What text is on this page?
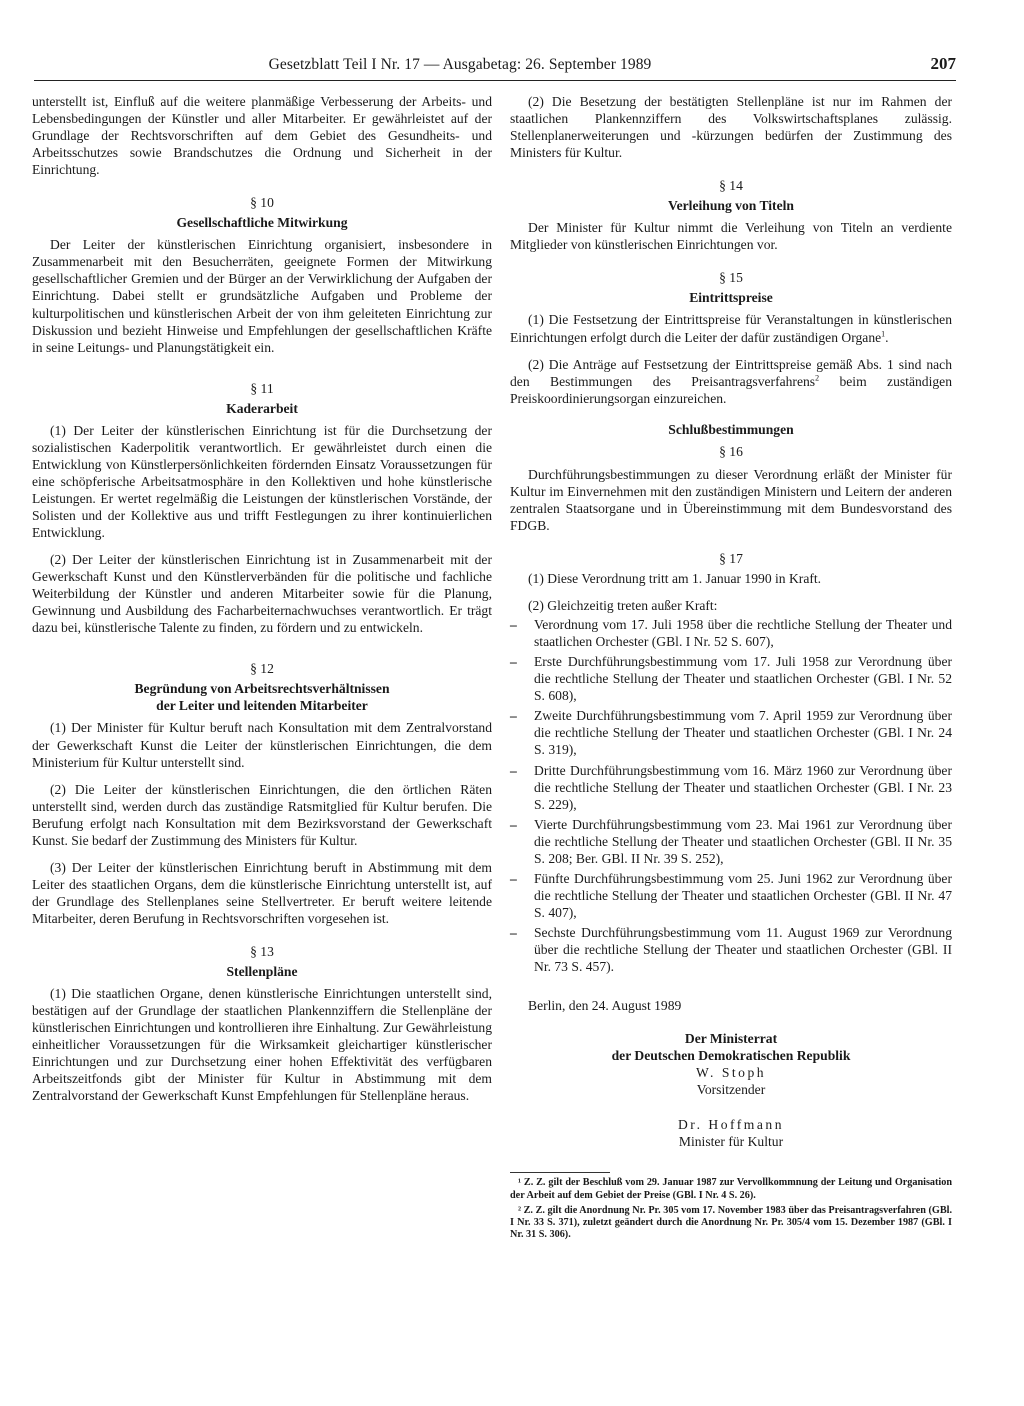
Gesetzblatt Teil I Nr. 17 — Ausgabetag: 26. September 1989	207

unterstellt ist, Einfluß auf die weitere planmäßige Verbesserung der Arbeits- und Lebensbedingungen der Künstler und aller Mitarbeiter. Er gewährleistet auf der Grundlage der Rechtsvorschriften auf dem Gebiet des Gesundheits- und Arbeitsschutzes sowie Brandschutzes die Ordnung und Sicherheit in der Einrichtung.

§ 10
Gesellschaftliche Mitwirkung

Der Leiter der künstlerischen Einrichtung organisiert, insbesondere in Zusammenarbeit mit den Besucherräten, geeignete Formen der Mitwirkung gesellschaftlicher Gremien und der Bürger an der Verwirklichung der Aufgaben der Einrichtung. Dabei stellt er grundsätzliche Aufgaben und Probleme der kulturpolitischen und künstlerischen Arbeit der von ihm geleiteten Einrichtung zur Diskussion und bezieht Hinweise und Empfehlungen der gesellschaftlichen Kräfte in seine Leitungs- und Planungstätigkeit ein.

§ 11
Kaderarbeit

(1) Der Leiter der künstlerischen Einrichtung ist für die Durchsetzung der sozialistischen Kaderpolitik verantwortlich. Er gewährleistet durch einen die Entwicklung von Künstlerpersönlichkeiten fördernden Einsatz Voraussetzungen für eine schöpferische Arbeitsatmosphäre in den Kollektiven und hohe künstlerische Leistungen. Er wertet regelmäßig die Leistungen der künstlerischen Vorstände, der Solisten und der Kollektive aus und trifft Festlegungen zu ihrer kontinuierlichen Entwicklung.

(2) Der Leiter der künstlerischen Einrichtung ist in Zusammenarbeit mit der Gewerkschaft Kunst und den Künstlerverbänden für die politische und fachliche Weiterbildung der Künstler und anderen Mitarbeiter sowie für die Planung, Gewinnung und Ausbildung des Facharbeiternachwuchses verantwortlich. Er trägt dazu bei, künstlerische Talente zu finden, zu fördern und zu entwickeln.

§ 12
Begründung von Arbeitsrechtsverhältnissen
der Leiter und leitenden Mitarbeiter

(1) Der Minister für Kultur beruft nach Konsultation mit dem Zentralvorstand der Gewerkschaft Kunst die Leiter der künstlerischen Einrichtungen, die dem Ministerium für Kultur unterstellt sind.

(2) Die Leiter der künstlerischen Einrichtungen, die den örtlichen Räten unterstellt sind, werden durch das zuständige Ratsmitglied für Kultur berufen. Die Berufung erfolgt nach Konsultation mit dem Bezirksvorstand der Gewerkschaft Kunst. Sie bedarf der Zustimmung des Ministers für Kultur.

(3) Der Leiter der künstlerischen Einrichtung beruft in Abstimmung mit dem Leiter des staatlichen Organs, dem die künstlerische Einrichtung unterstellt ist, auf der Grundlage des Stellenplanes seine Stellvertreter. Er beruft weitere leitende Mitarbeiter, deren Berufung in Rechtsvorschriften vorgesehen ist.

§ 13
Stellenpläne

(1) Die staatlichen Organe, denen künstlerische Einrichtungen unterstellt sind, bestätigen auf der Grundlage der staatlichen Plankennziffern die Stellenpläne der künstlerischen Einrichtungen und kontrollieren ihre Einhaltung. Zur Gewährleistung einheitlicher Voraussetzungen für die Wirksamkeit gleichartiger künstlerischer Einrichtungen und zur Durchsetzung einer hohen Effektivität des verfügbaren Arbeitszeitfonds gibt der Minister für Kultur in Abstimmung mit dem Zentralvorstand der Gewerkschaft Kunst Empfehlungen für Stellenpläne heraus.

(2) Die Besetzung der bestätigten Stellenpläne ist nur im Rahmen der staatlichen Plankennziffern des Volkswirtschaftsplanes zulässig. Stellenplanerweiterungen und -kürzungen bedürfen der Zustimmung des Ministers für Kultur.

§ 14
Verleihung von Titeln

Der Minister für Kultur nimmt die Verleihung von Titeln an verdiente Mitglieder von künstlerischen Einrichtungen vor.

§ 15
Eintrittspreise

(1) Die Festsetzung der Eintrittspreise für Veranstaltungen in künstlerischen Einrichtungen erfolgt durch die Leiter der dafür zuständigen Organe$^1$.

(2) Die Anträge auf Festsetzung der Eintrittspreise gemäß Abs. 1 sind nach den Bestimmungen des Preisantragsverfahrens$^2$ beim zuständigen Preiskoordinierungsorgan einzureichen.

Schlußbestimmungen
§ 16

Durchführungsbestimmungen zu dieser Verordnung erläßt der Minister für Kultur im Einvernehmen mit den zuständigen Ministern und Leitern der anderen zentralen Staatsorgane und in Übereinstimmung mit dem Bundesvorstand des FDGB.

§ 17

(1) Diese Verordnung tritt am 1. Januar 1990 in Kraft.

(2) Gleichzeitig treten außer Kraft:

– Verordnung vom 17. Juli 1958 über die rechtliche Stellung der Theater und staatlichen Orchester (GBl. I Nr. 52 S. 607),
– Erste Durchführungsbestimmung vom 17. Juli 1958 zur Verordnung über die rechtliche Stellung der Theater und staatlichen Orchester (GBl. I Nr. 52 S. 608),
– Zweite Durchführungsbestimmung vom 7. April 1959 zur Verordnung über die rechtliche Stellung der Theater und staatlichen Orchester (GBl. I Nr. 24 S. 319),
– Dritte Durchführungsbestimmung vom 16. März 1960 zur Verordnung über die rechtliche Stellung der Theater und staatlichen Orchester (GBl. I Nr. 23 S. 229),
– Vierte Durchführungsbestimmung vom 23. Mai 1961 zur Verordnung über die rechtliche Stellung der Theater und staatlichen Orchester (GBl. II Nr. 35 S. 208; Ber. GBl. II Nr. 39 S. 252),
– Fünfte Durchführungsbestimmung vom 25. Juni 1962 zur Verordnung über die rechtliche Stellung der Theater und staatlichen Orchester (GBl. II Nr. 47 S. 407),
– Sechste Durchführungsbestimmung vom 11. August 1969 zur Verordnung über die rechtliche Stellung der Theater und staatlichen Orchester (GBl. II Nr. 73 S. 457).

Berlin, den 24. August 1989

Der Ministerrat
der Deutschen Demokratischen Republik
W. Stoph
Vorsitzender
Dr. Hoffmann
Minister für Kultur

¹ Z. Z. gilt der Beschluß vom 29. Januar 1987 zur Vervollkommnung der Leitung und Organisation der Arbeit auf dem Gebiet der Preise (GBl. I Nr. 4 S. 26).

² Z. Z. gilt die Anordnung Nr. Pr. 305 vom 17. November 1983 über das Preisantragsverfahren (GBl. I Nr. 33 S. 371), zuletzt geändert durch die Anordnung Nr. Pr. 305/4 vom 15. Dezember 1987 (GBl. I Nr. 31 S. 306).
